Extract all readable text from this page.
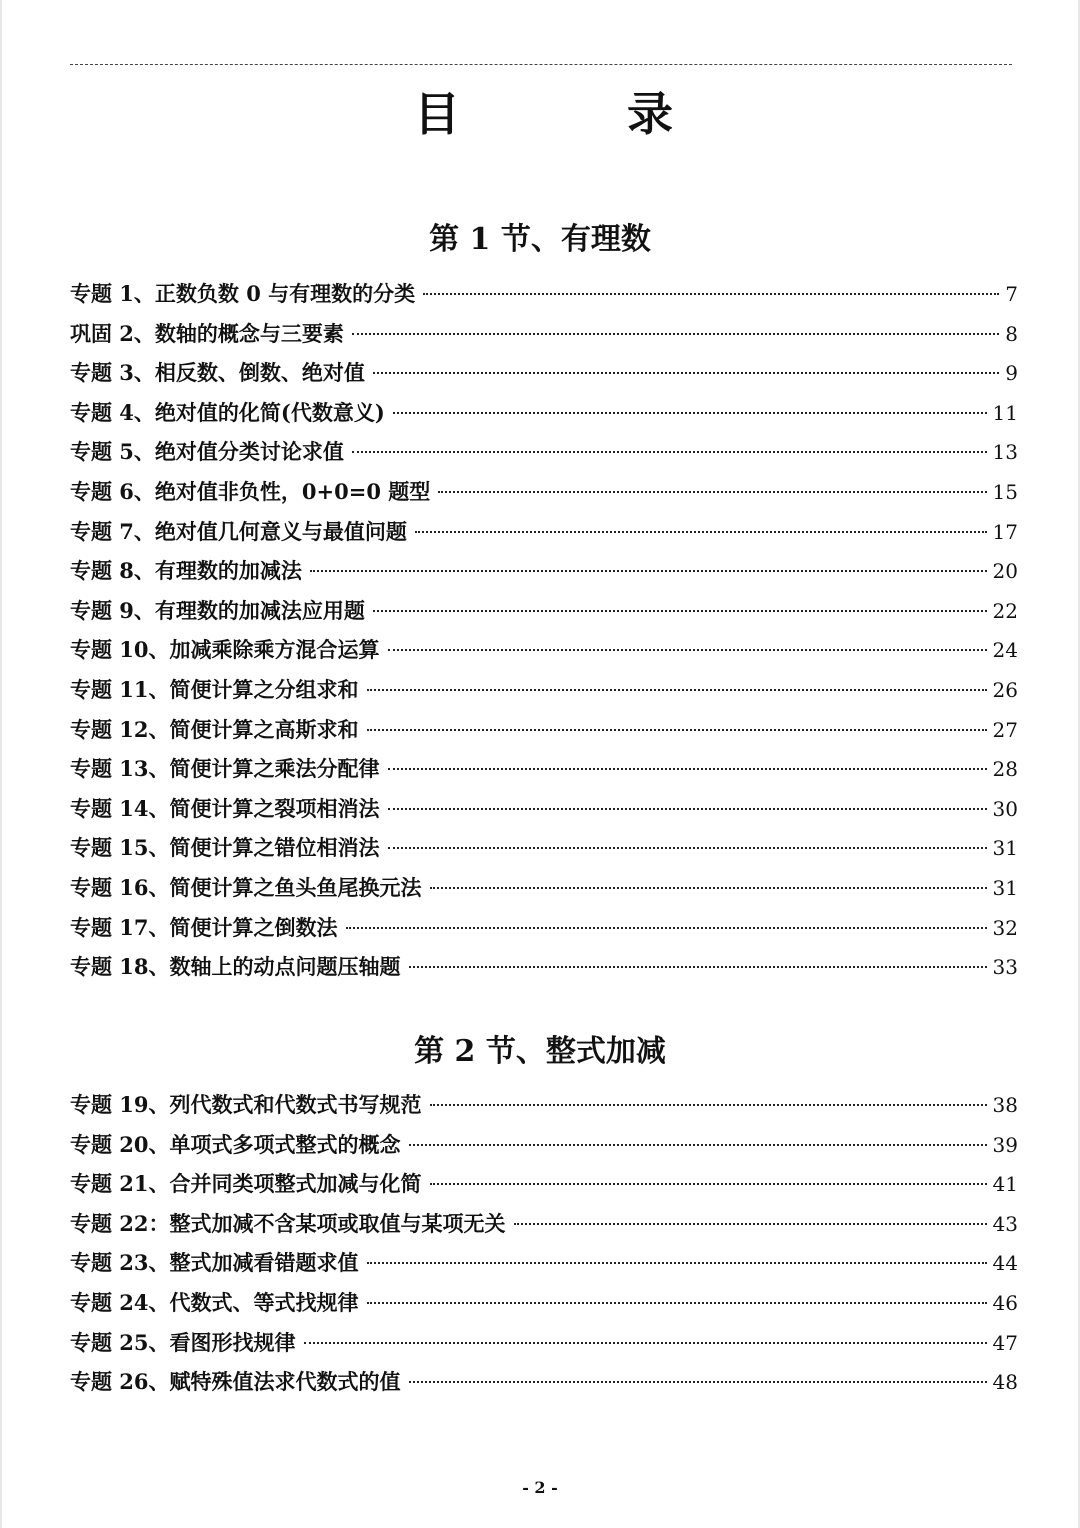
目	录
第 1 节、有理数
专题 1、正数负数 0 与有理数的分类	7
巩固 2、数轴的概念与三要素	8
专题 3、相反数、倒数、绝对值	9
专题 4、绝对值的化简(代数意义)	11
专题 5、绝对值分类讨论求值	13
专题 6、绝对值非负性，0+0=0 题型	15
专题 7、绝对值几何意义与最值问题	17
专题 8、有理数的加减法	20
专题 9、有理数的加减法应用题	22
专题 10、加减乘除乘方混合运算	24
专题 11、简便计算之分组求和	26
专题 12、简便计算之高斯求和	27
专题 13、简便计算之乘法分配律	28
专题 14、简便计算之裂项相消法	30
专题 15、简便计算之错位相消法	31
专题 16、简便计算之鱼头鱼尾换元法	31
专题 17、简便计算之倒数法	32
专题 18、数轴上的动点问题压轴题	33
第 2 节、整式加减
专题 19、列代数式和代数式书写规范	38
专题 20、单项式多项式整式的概念	39
专题 21、合并同类项整式加减与化简	41
专题 22：整式加减不含某项或取值与某项无关	43
专题 23、整式加减看错题求值	44
专题 24、代数式、等式找规律	46
专题 25、看图形找规律	47
专题 26、赋特殊值法求代数式的值	48
- 2 -
